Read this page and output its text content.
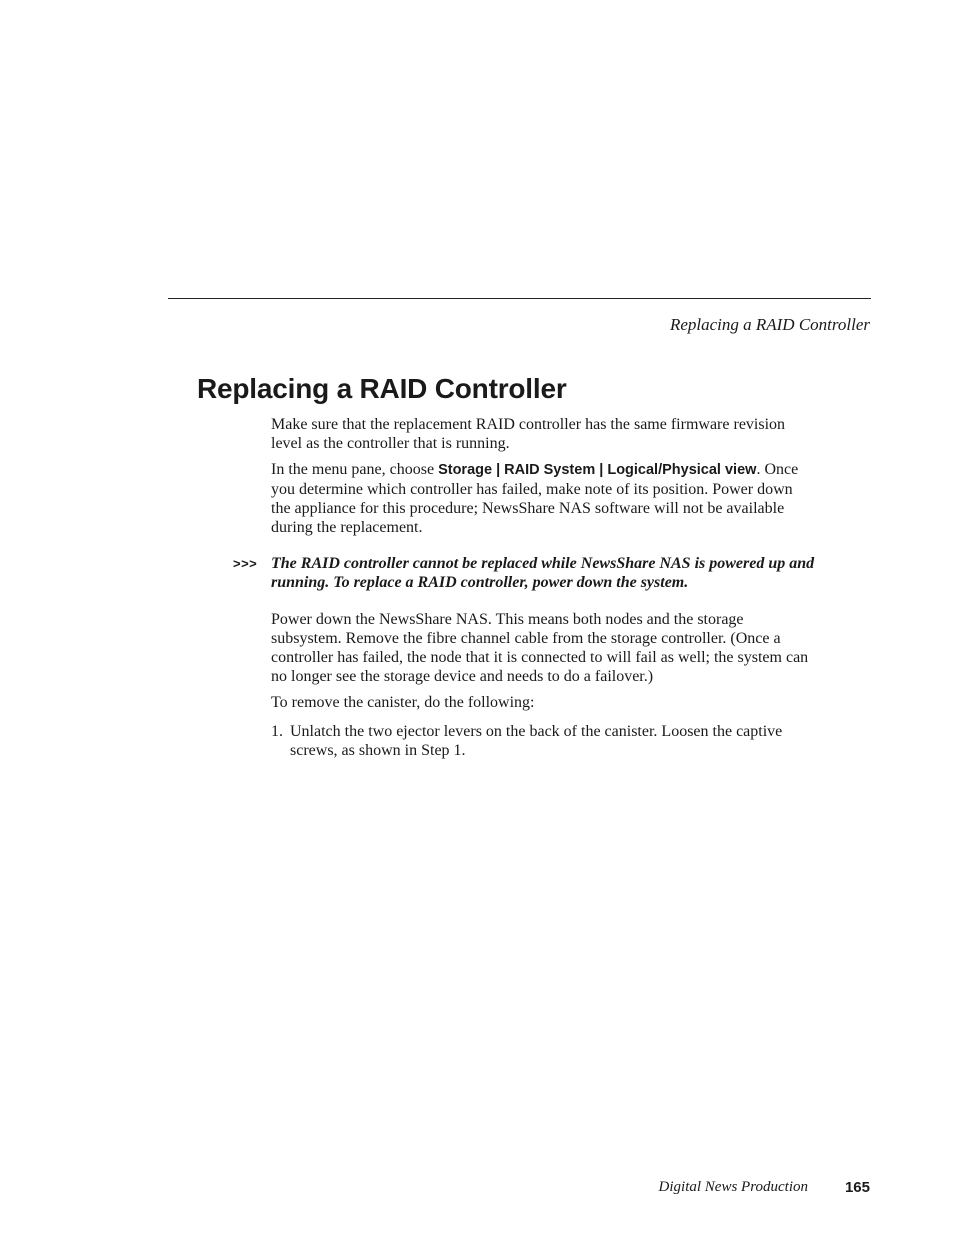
Replacing a RAID Controller
Replacing a RAID Controller

Make sure that the replacement RAID controller has the same firmware revision level as the controller that is running.

In the menu pane, choose Storage | RAID System | Logical/Physical view. Once you determine which controller has failed, make note of its position. Power down the appliance for this procedure; NewsShare NAS software will not be available during the replacement.

>>> The RAID controller cannot be replaced while NewsShare NAS is powered up and running. To replace a RAID controller, power down the system.

Power down the NewsShare NAS. This means both nodes and the storage subsystem. Remove the fibre channel cable from the storage controller. (Once a controller has failed, the node that it is connected to will fail as well; the system can no longer see the storage device and needs to do a failover.)

To remove the canister, do the following:

1. Unlatch the two ejector levers on the back of the canister. Loosen the captive screws, as shown in Step 1.
Digital News Production 165
